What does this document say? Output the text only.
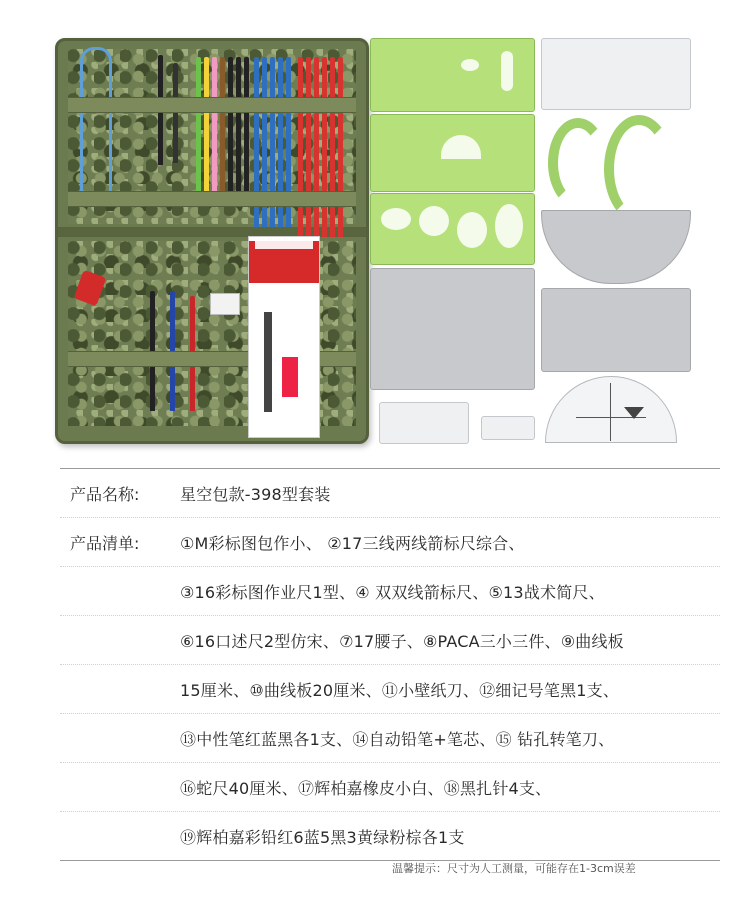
产品名称:	星空包款-398型套装
产品清单:	①M彩标图包作小、 ②17三线两线箭标尺综合、
③16彩标图作业尺1型、④ 双双线箭标尺、⑤13战术简尺、
⑥16口述尺2型仿宋、⑦17腰子、⑧PACA三小三件、⑨曲线板
15厘米、⑩曲线板20厘米、⑪小壁纸刀、⑫细记号笔黑1支、
⑬中性笔红蓝黑各1支、⑭自动铅笔+笔芯、⑮ 钻孔转笔刀、
⑯蛇尺40厘米、⑰辉柏嘉橡皮小白、⑱黑扎针4支、
⑲辉柏嘉彩铅红6蓝5黑3黄绿粉棕各1支
温馨提示：尺寸为人工测量，可能存在1-3cm误差
